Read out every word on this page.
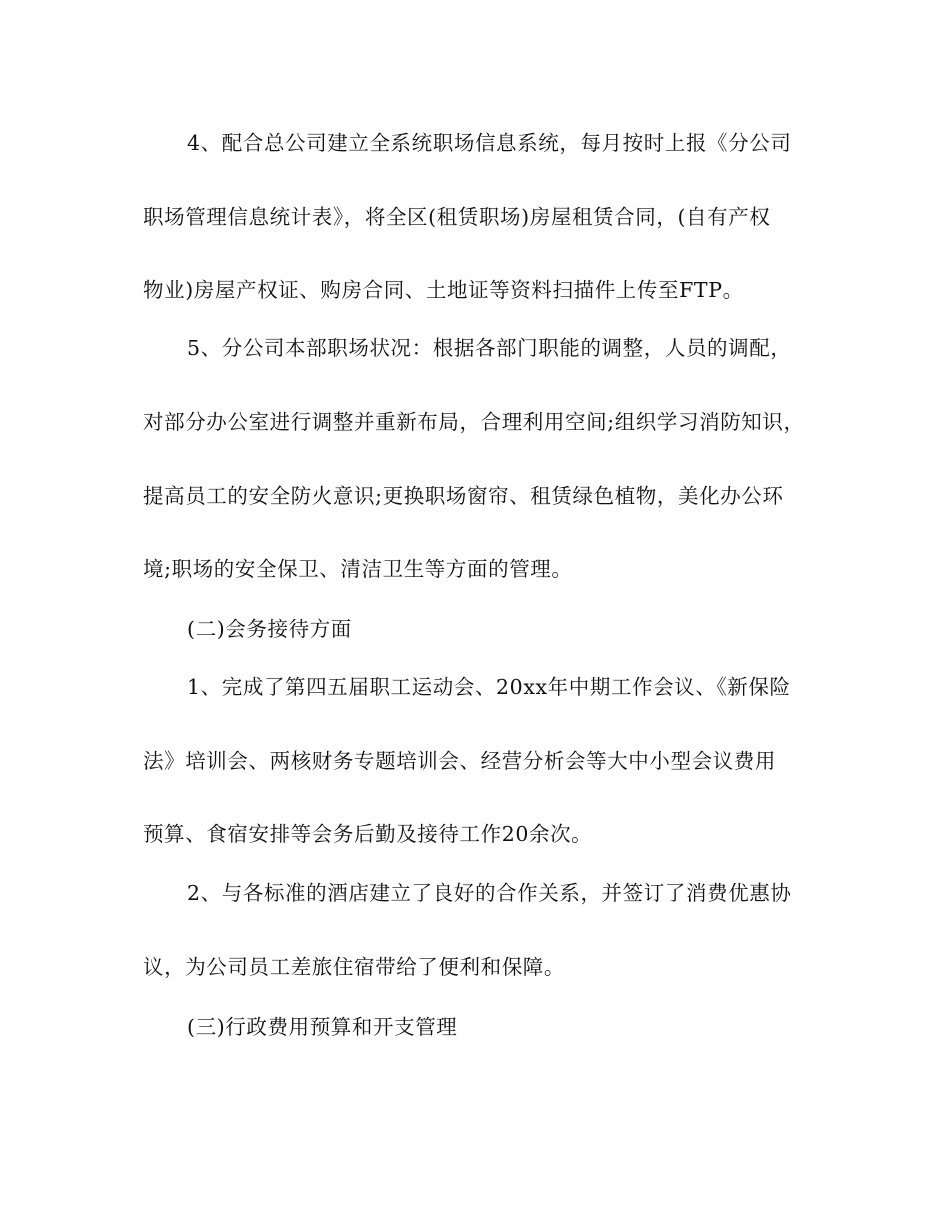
4、配合总公司建立全系统职场信息系统，每月按时上报《分公司
职场管理信息统计表》，将全区(租赁职场)房屋租赁合同，(自有产权
物业)房屋产权证、购房合同、土地证等资料扫描件上传至FTP。
5、分公司本部职场状况：根据各部门职能的调整，人员的调配，
对部分办公室进行调整并重新布局，合理利用空间;组织学习消防知识，
提高员工的安全防火意识;更换职场窗帘、租赁绿色植物，美化办公环
境;职场的安全保卫、清洁卫生等方面的管理。
(二)会务接待方面
1、完成了第四五届职工运动会、20xx年中期工作会议、《新保险
法》培训会、两核财务专题培训会、经营分析会等大中小型会议费用
预算、食宿安排等会务后勤及接待工作20余次。
2、与各标准的酒店建立了良好的合作关系，并签订了消费优惠协
议，为公司员工差旅住宿带给了便利和保障。
(三)行政费用预算和开支管理
